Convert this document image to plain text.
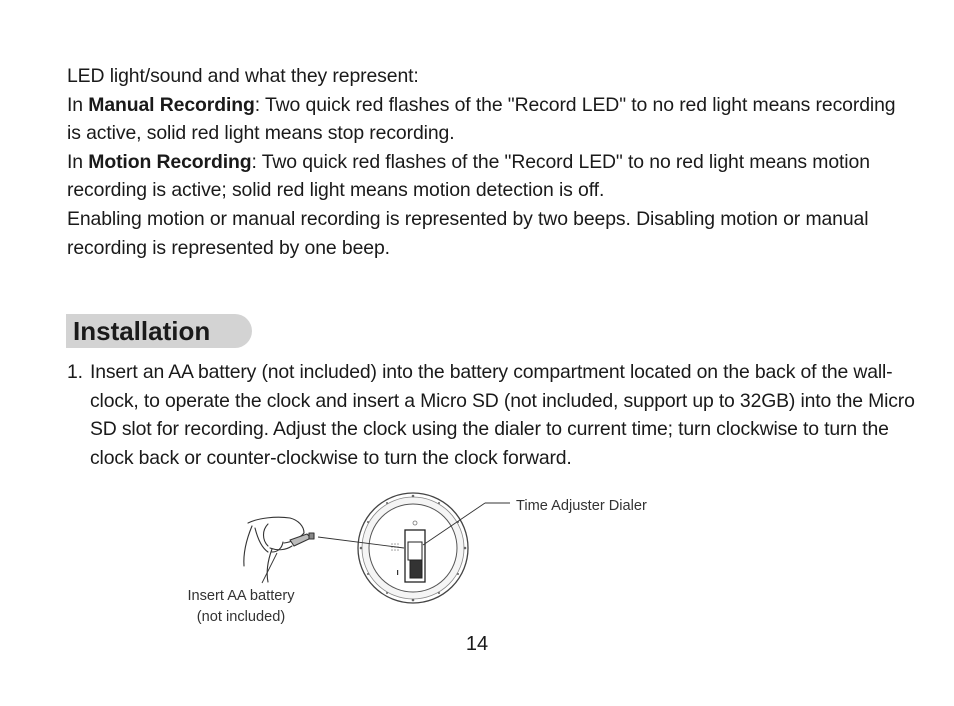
LED light/sound and what they represent:

In Manual Recording: Two quick red flashes of the "Record LED" to no red light means recording is active, solid red light means stop recording.

In Motion Recording: Two quick red flashes of the "Record LED" to no red light means motion recording is active; solid red light means motion detection is off.

Enabling motion or manual recording is represented by two beeps. Disabling motion or manual recording is represented by one beep.

Installation
1. Insert an AA battery (not included) into the battery compartment located on the back of the wall-clock, to operate the clock and insert a Micro SD (not included, support up to 32GB) into the Micro SD slot for recording. Adjust the clock using the dialer to current time; turn clockwise to turn the clock back or counter-clockwise to turn the clock forward.
Time Adjuster Dialer
Insert AA battery
(not included)
14
